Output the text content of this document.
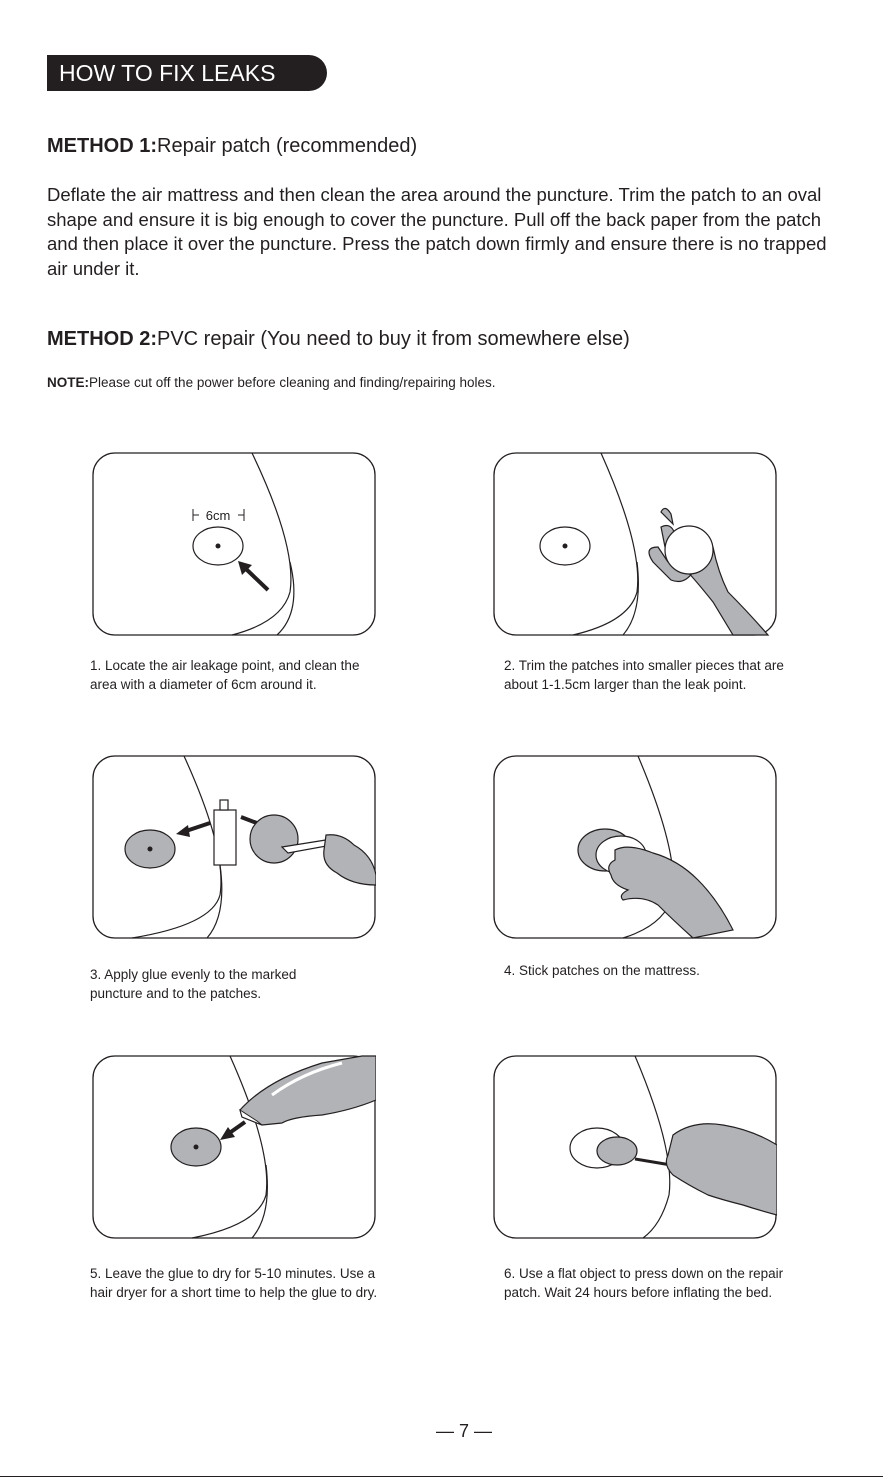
HOW TO FIX LEAKS
METHOD 1:Repair patch (recommended)
Deflate the air mattress and then clean the area around the puncture. Trim the patch to an oval shape and ensure it is big enough to cover the puncture. Pull off the back paper from the patch and then place it over the puncture. Press the patch down firmly and ensure there is no trapped air under it.
METHOD 2:PVC repair (You need to buy it from somewhere else)
NOTE:Please cut off the power before cleaning and finding/repairing holes.
6cm
1. Locate the air leakage point, and clean the area with a diameter of 6cm around it.
2. Trim the patches into smaller pieces that are about 1-1.5cm larger than the leak point.
3. Apply glue evenly to the marked puncture and to the patches.
4. Stick patches on the mattress.
5. Leave the glue to dry for 5-10 minutes. Use a hair dryer for a short time to help the glue to dry.
6. Use a flat object to press down on the repair patch. Wait 24 hours before inflating the bed.
— 7 —
